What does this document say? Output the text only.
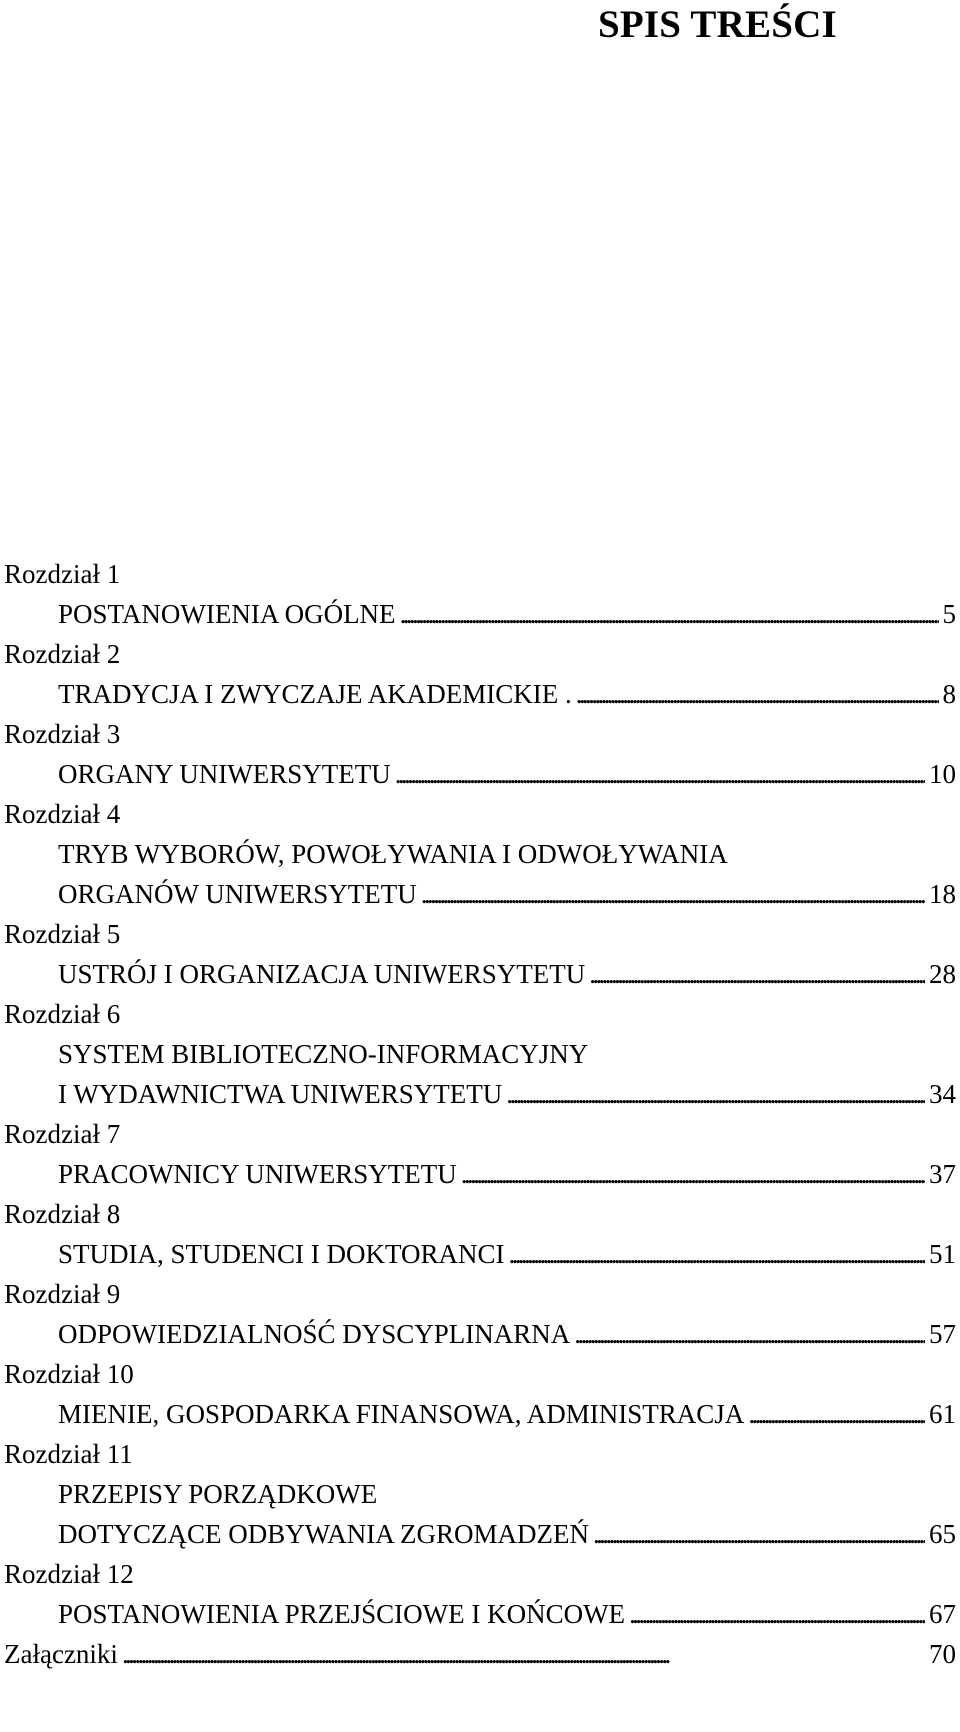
SPIS TREŚCI
Rozdział 1
POSTANOWIENIA OGÓLNE . . .	5
Rozdział 2
TRADYCJA I ZWYCZAJE AKADEMICKIE . . . .	8
Rozdział 3
ORGANY UNIWERSYTETU . . .	10
Rozdział 4
TRYB WYBORÓW, POWOŁYWANIA I ODWOŁYWANIA
ORGANÓW UNIWERSYTETU . . .	18
Rozdział 5
USTRÓJ I ORGANIZACJA UNIWERSYTETU . . .	28
Rozdział 6
SYSTEM BIBLIOTECZNO-INFORMACYJNY
I WYDAWNICTWA UNIWERSYTETU . . .	34
Rozdział 7
PRACOWNICY UNIWERSYTETU . . .	37
Rozdział 8
STUDIA, STUDENCI I DOKTORANCI . . .	51
Rozdział 9
ODPOWIEDZIALNOŚĆ DYSCYPLINARNA . . .	57
Rozdział 10
MIENIE, GOSPODARKA FINANSOWA, ADMINISTRACJA . . .	61
Rozdział 11
PRZEPISY PORZĄDKOWE
DOTYCZĄCE ODBYWANIA ZGROMADZEŃ . . .	65
Rozdział 12
POSTANOWIENIA PRZEJŚCIOWE I KOŃCOWE . . .	67
Załączniki . . .	70
